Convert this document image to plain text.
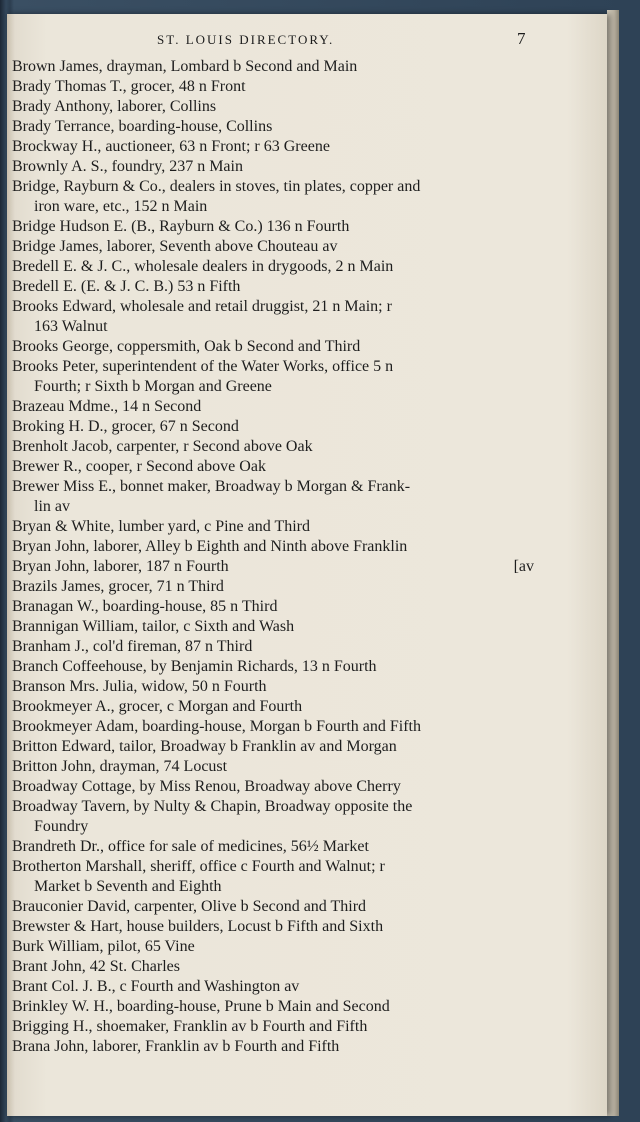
ST. LOUIS DIRECTORY.	7
Brown James, drayman, Lombard b Second and Main
Brady Thomas T., grocer, 48 n Front
Brady Anthony, laborer, Collins
Brady Terrance, boarding-house, Collins
Brockway H., auctioneer, 63 n Front; r 63 Greene
Brownly A. S., foundry, 237 n Main
Bridge, Rayburn & Co., dealers in stoves, tin plates, copper and
iron ware, etc., 152 n Main
Bridge Hudson E. (B., Rayburn & Co.) 136 n Fourth
Bridge James, laborer, Seventh above Chouteau av
Bredell E. & J. C., wholesale dealers in drygoods, 2 n Main
Bredell E. (E. & J. C. B.) 53 n Fifth
Brooks Edward, wholesale and retail druggist, 21 n Main; r
163 Walnut
Brooks George, coppersmith, Oak b Second and Third
Brooks Peter, superintendent of the Water Works, office 5 n
Fourth; r Sixth b Morgan and Greene
Brazeau Mdme., 14 n Second
Broking H. D., grocer, 67 n Second
Brenholt Jacob, carpenter, r Second above Oak
Brewer R., cooper, r Second above Oak
Brewer Miss E., bonnet maker, Broadway b Morgan & Frank-
lin av
Bryan & White, lumber yard, c Pine and Third
Bryan John, laborer, Alley b Eighth and Ninth above Franklin
Bryan John, laborer, 187 n Fourth	[av
Brazils James, grocer, 71 n Third
Branagan W., boarding-house, 85 n Third
Brannigan William, tailor, c Sixth and Wash
Branham J., col'd fireman, 87 n Third
Branch Coffeehouse, by Benjamin Richards, 13 n Fourth
Branson Mrs. Julia, widow, 50 n Fourth
Brookmeyer A., grocer, c Morgan and Fourth
Brookmeyer Adam, boarding-house, Morgan b Fourth and Fifth
Britton Edward, tailor, Broadway b Franklin av and Morgan
Britton John, drayman, 74 Locust
Broadway Cottage, by Miss Renou, Broadway above Cherry
Broadway Tavern, by Nulty & Chapin, Broadway opposite the
Foundry
Brandreth Dr., office for sale of medicines, 56½ Market
Brotherton Marshall, sheriff, office c Fourth and Walnut; r
Market b Seventh and Eighth
Brauconier David, carpenter, Olive b Second and Third
Brewster & Hart, house builders, Locust b Fifth and Sixth
Burk William, pilot, 65 Vine
Brant John, 42 St. Charles
Brant Col. J. B., c Fourth and Washington av
Brinkley W. H., boarding-house, Prune b Main and Second
Brigging H., shoemaker, Franklin av b Fourth and Fifth
Brana John, laborer, Franklin av b Fourth and Fifth
